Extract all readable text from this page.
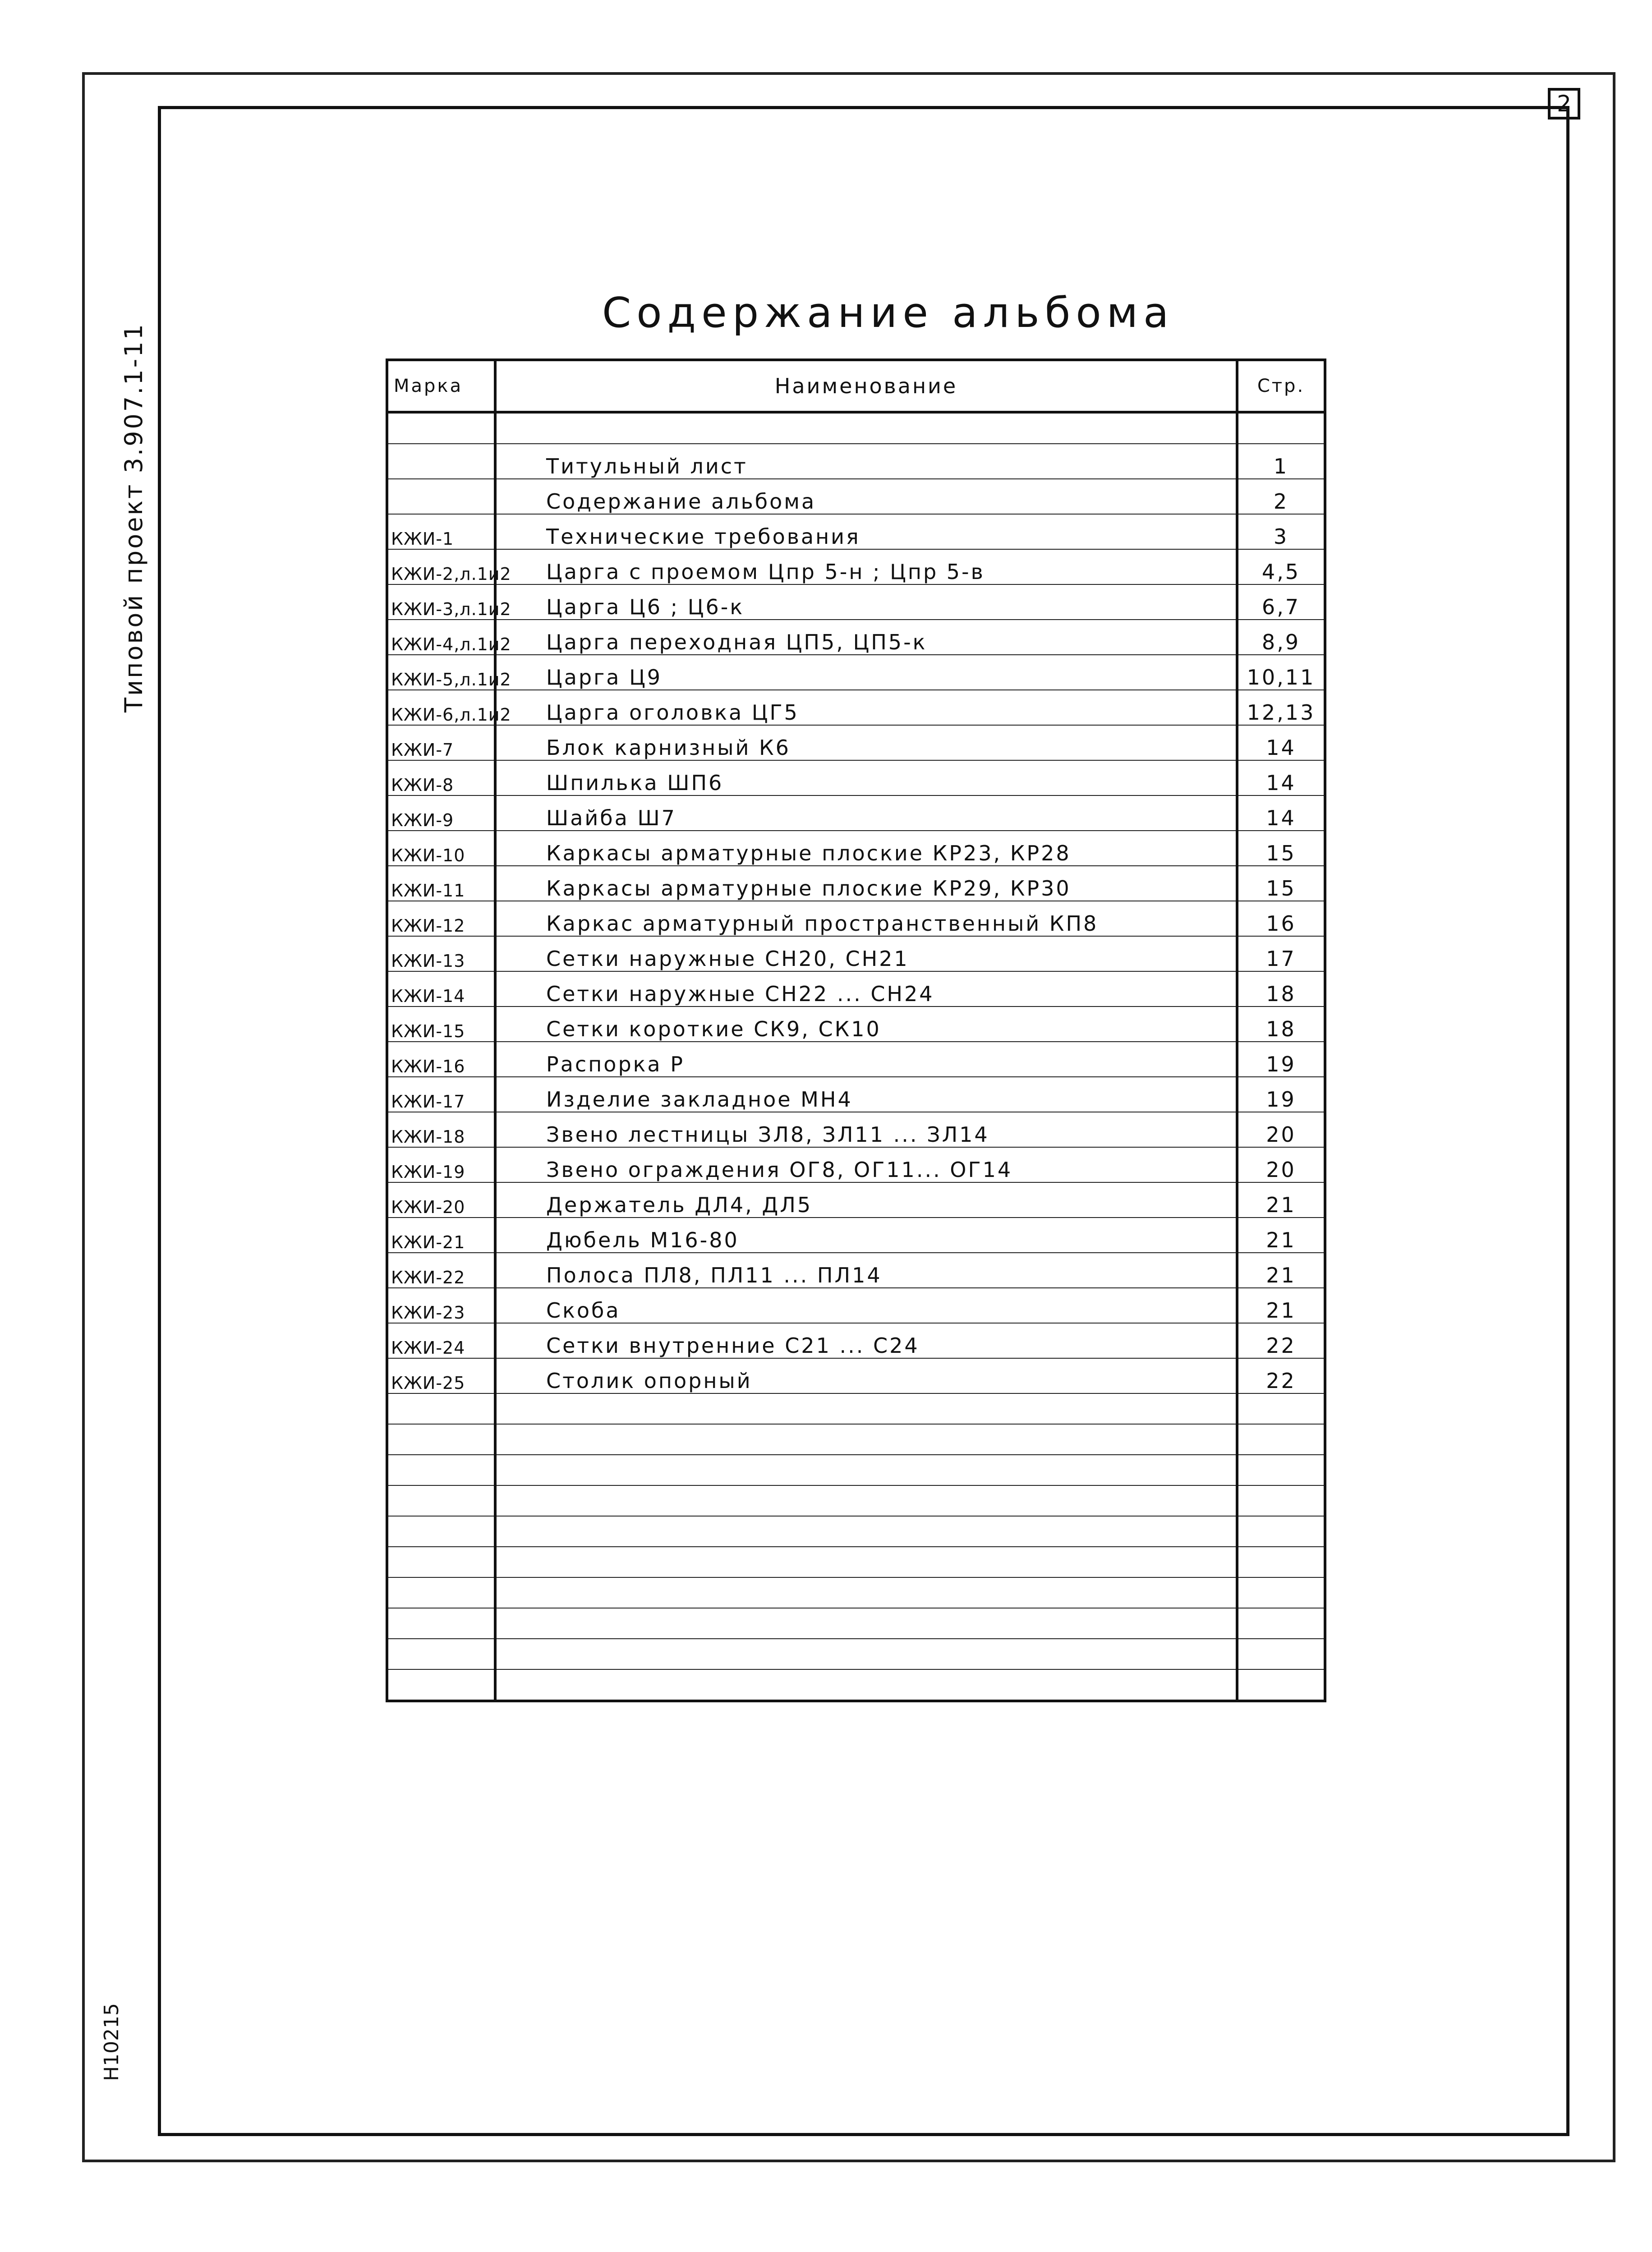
2
Типовой проект 3.907.1-11
Н10215
Содержание альбома
Марка	Наименование	Стр.

	Титульный лист	1
	Содержание альбома	2
КЖИ-1	Технические требования	3
КЖИ-2,л.1и2	Царга с проемом Цпр 5-н ; Цпр 5-в	4,5
КЖИ-3,л.1и2	Царга Ц6 ; Ц6-к	6,7
КЖИ-4,л.1и2	Царга переходная ЦП5, ЦП5-к	8,9
КЖИ-5,л.1и2	Царга Ц9	10,11
КЖИ-6,л.1и2	Царга оголовка ЦГ5	12,13
КЖИ-7	Блок карнизный К6	14
КЖИ-8	Шпилька ШП6	14
КЖИ-9	Шайба Ш7	14
КЖИ-10	Каркасы арматурные плоские КР23, КР28	15
КЖИ-11	Каркасы арматурные плоские КР29, КР30	15
КЖИ-12	Каркас арматурный пространственный КП8	16
КЖИ-13	Сетки наружные СН20, СН21	17
КЖИ-14	Сетки наружные СН22 ... СН24	18
КЖИ-15	Сетки короткие СК9, СК10	18
КЖИ-16	Распорка Р	19
КЖИ-17	Изделие закладное МН4	19
КЖИ-18	Звено лестницы ЗЛ8, ЗЛ11 ... ЗЛ14	20
КЖИ-19	Звено ограждения ОГ8, ОГ11... ОГ14	20
КЖИ-20	Держатель ДЛ4, ДЛ5	21
КЖИ-21	Дюбель М16-80	21
КЖИ-22	Полоса ПЛ8, ПЛ11 ... ПЛ14	21
КЖИ-23	Скоба	21
КЖИ-24	Сетки внутренние С21 ... С24	22
КЖИ-25	Столик опорный	22
